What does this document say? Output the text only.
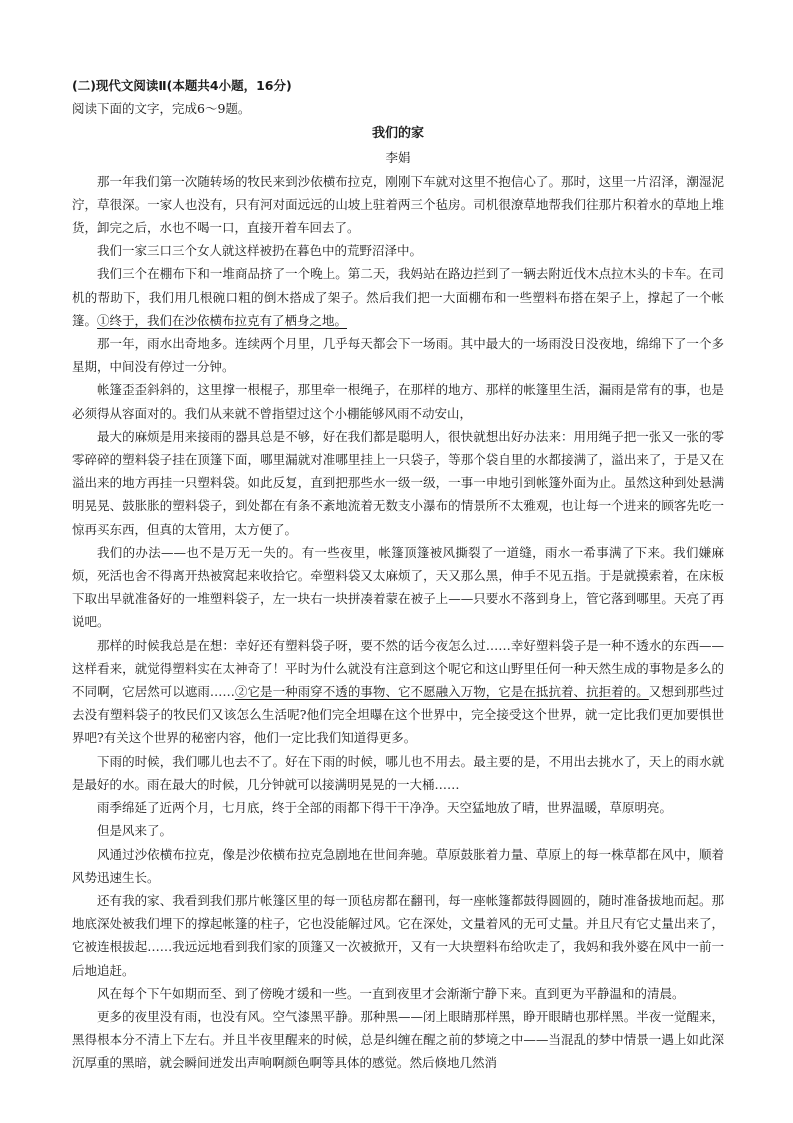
(二)现代文阅读Ⅱ(本题共4小题，16分)

阅读下面的文字，完成6～9题。

我们的家

李娟

那一年我们第一次随转场的牧民来到沙依横布拉克，刚刚下车就对这里不抱信心了。那时，这里一片沼泽，潮湿泥泞，草很深。一家人也没有，只有河对面远远的山坡上驻着两三个毡房。司机很潦草地帮我们往那片积着水的草地上堆货，卸完之后，水也不喝一口，直接开着车回去了。

我们一家三口三个女人就这样被扔在暮色中的荒野沼泽中。

我们三个在棚布下和一堆商品挤了一个晚上。第二天，我妈站在路边拦到了一辆去附近伐木点拉木头的卡车。在司机的帮助下，我们用几根碗口粗的倒木搭成了架子。然后我们把一大面棚布和一些塑料布搭在架子上，撑起了一个帐篷。①终于，我们在沙依横布拉克有了栖身之地。

那一年，雨水出奇地多。连续两个月里，几乎每天都会下一场雨。其中最大的一场雨没日没夜地，绵绵下了一个多星期，中间没有停过一分钟。

帐篷歪歪斜斜的，这里撑一根棍子，那里牵一根绳子，在那样的地方、那样的帐篷里生活，漏雨是常有的事，也是必须得从容面对的。我们从来就不曾指望过这个小棚能够风雨不动安山，

最大的麻烦是用来接雨的器具总是不够，好在我们都是聪明人，很快就想出好办法来：用用绳子把一张又一张的零零碎碎的塑料袋子挂在顶篷下面，哪里漏就对准哪里挂上一只袋子，等那个袋自里的水都接满了，溢出来了，于是又在溢出来的地方再挂一只塑料袋。如此反复，直到把那些水一级一级，一事一申地引到帐篷外面为止。虽然这种到处悬满明晃晃、鼓胀胀的塑料袋子，到处都在有条不紊地流着无数支小瀑布的情景所不太雅观，也让每一个进来的顾客先吃一惊再买东西，但真的太管用，太方便了。

我们的办法——也不是万无一失的。有一些夜里，帐篷顶篷被风撕裂了一道缝，雨水一希事满了下来。我们嫌麻烦，死活也舍不得离开热被窝起来收拾它。牵塑料袋又太麻烦了，天又那么黑，伸手不见五指。于是就摸索着，在床板下取出早就准备好的一堆塑料袋子，左一块右一块拼凑着蒙在被子上——只要水不落到身上，管它落到哪里。天亮了再说吧。

那样的时候我总是在想：幸好还有塑料袋子呀，要不然的话今夜怎么过……幸好塑料袋子是一种不透水的东西——这样看来，就觉得塑料实在太神奇了！平时为什么就没有注意到这个呢它和这山野里任何一种天然生成的事物是多么的不同啊，它居然可以遮雨……②它是一种雨穿不透的事物、它不愿融入万物，它是在抵抗着、抗拒着的。又想到那些过去没有塑料袋子的牧民们又该怎么生活呢?他们完全坦曝在这个世界中，完全接受这个世界，就一定比我们更加要惧世界吧?有关这个世界的秘密内容，他们一定比我们知道得更多。

下雨的时候，我们哪儿也去不了。好在下雨的时候，哪儿也不用去。最主要的是，不用出去挑水了，天上的雨水就是最好的水。雨在最大的时候，几分钟就可以接满明晃晃的一大桶……

雨季绵延了近两个月，七月底，终于全部的雨都下得干干净净。天空猛地放了晴，世界温暖，草原明亮。

但是风来了。

风通过沙依横布拉克，像是沙依横布拉克急剧地在世间奔驰。草原鼓胀着力量、草原上的每一株草都在风中，顺着风势迅速生长。

还有我的家、我看到我们那片帐篷区里的每一顶毡房都在翻刊，每一座帐篷都鼓得圆圆的，随时准备拔地而起。那地底深处被我们埋下的撑起帐篷的柱子，它也没能解过风。它在深处，文量着风的无可丈量。并且尺有它丈量出来了，它被连根拔起……我远远地看到我们家的顶篷又一次被掀开，又有一大块塑料布给吹走了，我妈和我外婆在风中一前一后地追赶。

风在每个下午如期而至、到了傍晚才缓和一些。一直到夜里才会渐渐宁静下来。直到更为平静温和的清晨。

更多的夜里没有雨，也没有风。空气漆黑平静。那种黑——闭上眼睛那样黑，睁开眼睛也那样黑。半夜一觉醒来，黑得根本分不清上下左右。并且半夜里醒来的时候，总是纠缠在醒之前的梦境之中——当混乱的梦中情景一遇上如此深沉厚重的黑暗，就会瞬间迸发出声响啊颜色啊等具体的感觉。然后倏地几然消
